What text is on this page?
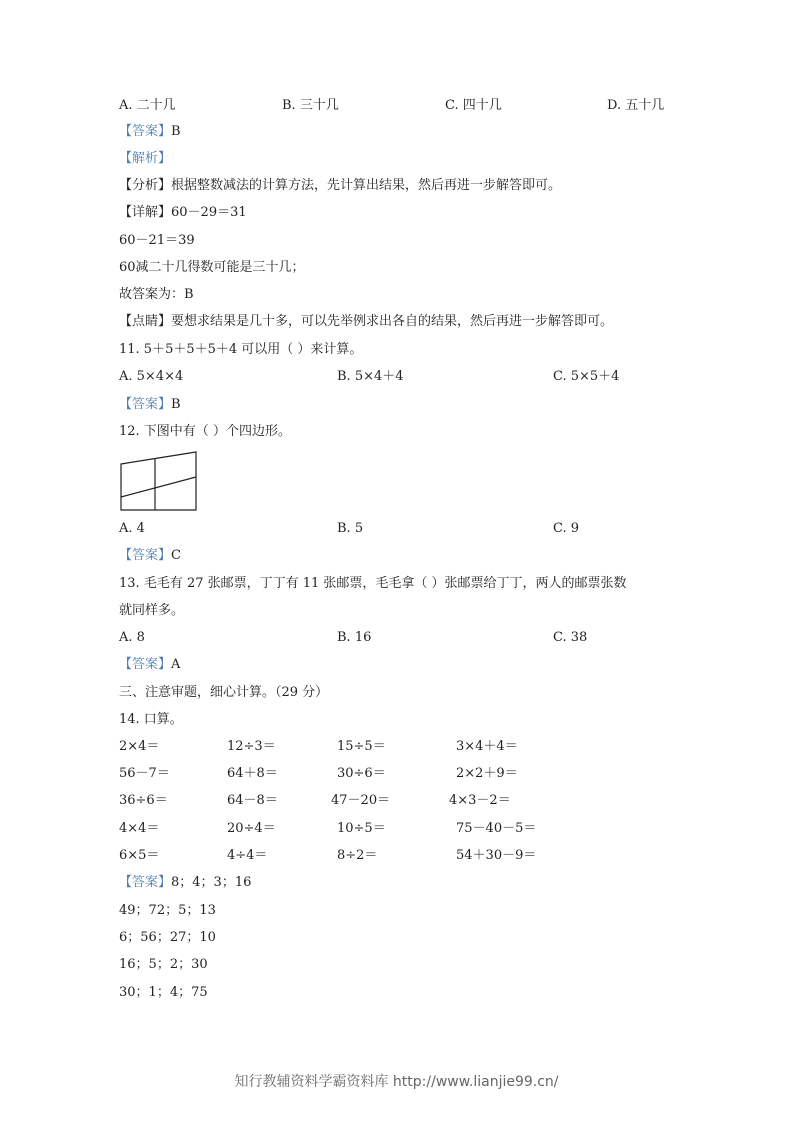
A. 二十几	B. 三十几	C. 四十几	D. 五十几
【答案】B
【解析】
【分析】根据整数减法的计算方法，先计算出结果，然后再进一步解答即可。
【详解】60－29＝31
60－21＝39
60减二十几得数可能是三十几；
故答案为：B
【点睛】要想求结果是几十多，可以先举例求出各自的结果，然后再进一步解答即可。
11. 5＋5＋5＋5＋4 可以用（ ）来计算。
A. 5×4×4	B. 5×4＋4	C. 5×5＋4
【答案】B
12. 下图中有（ ）个四边形。
A. 4	B. 5	C. 9
【答案】C
13. 毛毛有 27 张邮票，丁丁有 11 张邮票，毛毛拿（ ）张邮票给丁丁，两人的邮票张数
就同样多。
A. 8	B. 16	C. 38
【答案】A
三、注意审题，细心计算。（29 分）
14. 口算。
2×4＝	12÷3＝	15÷5＝	3×4＋4＝
56－7＝	64＋8＝	30÷6＝	2×2＋9＝
36÷6＝	64－8＝	47－20＝	4×3－2＝
4×4＝	20÷4＝	10÷5＝	75－40－5＝
6×5＝	4÷4＝	8÷2＝	54＋30－9＝
【答案】8；4；3；16
49；72；5；13
6；56；27；10
16；5；2；30
30；1；4；75
知行教辅资料学霸资料库 http://www.lianjie99.cn/
